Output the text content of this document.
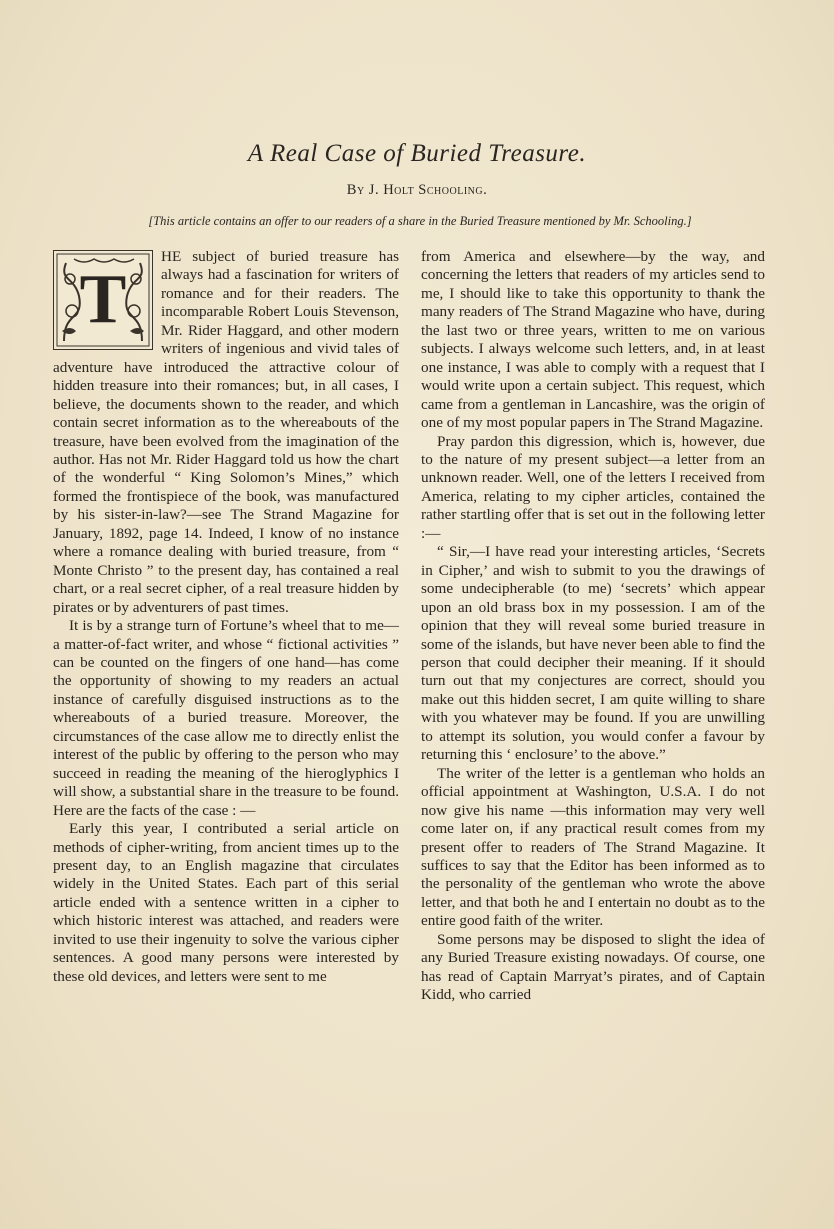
A Real Case of Buried Treasure.
By J. Holt Schooling.
[This article contains an offer to our readers of a share in the Buried Treasure mentioned by Mr. Schooling.]
T

HE subject of buried treasure has always had a fascination for writers of romance and for their readers. The incomparable Robert Louis Stevenson, Mr. Rider Haggard, and other modern writers of ingenious and vivid tales of adventure have introduced the attractive colour of hidden treasure into their romances; but, in all cases, I believe, the documents shown to the reader, and which contain secret information as to the whereabouts of the treasure, have been evolved from the imagination of the author. Has not Mr. Rider Haggard told us how the chart of the wonderful “ King Solomon’s Mines,” which formed the frontispiece of the book, was manufactured by his sister-in-law?—see The Strand Magazine for January, 1892, page 14. Indeed, I know of no instance where a romance dealing with buried treasure, from “ Monte Christo ” to the present day, has contained a real chart, or a real secret cipher, of a real treasure hidden by pirates or by adventurers of past times.

It is by a strange turn of Fortune’s wheel that to me—a matter-of-fact writer, and whose “ fictional activities ” can be counted on the fingers of one hand—has come the opportunity of showing to my readers an actual instance of carefully disguised instructions as to the whereabouts of a buried treasure. Moreover, the circumstances of the case allow me to directly enlist the interest of the public by offering to the person who may succeed in reading the meaning of the hieroglyphics I will show, a substantial share in the treasure to be found. Here are the facts of the case : —

Early this year, I contributed a serial article on methods of cipher-writing, from ancient times up to the present day, to an English magazine that circulates widely in the United States. Each part of this serial article ended with a sentence written in a cipher to which historic interest was attached, and readers were invited to use their ingenuity to solve the various cipher sentences. A good many persons were interested by these old devices, and letters were sent to me

from America and elsewhere—by the way, and concerning the letters that readers of my articles send to me, I should like to take this opportunity to thank the many readers of The Strand Magazine who have, during the last two or three years, written to me on various subjects. I always welcome such letters, and, in at least one instance, I was able to comply with a request that I would write upon a certain subject. This request, which came from a gentleman in Lancashire, was the origin of one of my most popular papers in The Strand Magazine.

Pray pardon this digression, which is, however, due to the nature of my present subject—a letter from an unknown reader. Well, one of the letters I received from America, relating to my cipher articles, contained the rather startling offer that is set out in the following letter :—

“ Sir,—I have read your interesting articles, ‘Secrets in Cipher,’ and wish to submit to you the drawings of some undecipherable (to me) ‘secrets’ which appear upon an old brass box in my possession. I am of the opinion that they will reveal some buried treasure in some of the islands, but have never been able to find the person that could decipher their meaning. If it should turn out that my conjectures are correct, should you make out this hidden secret, I am quite willing to share with you whatever may be found. If you are unwilling to attempt its solution, you would confer a favour by returning this ‘ enclosure’ to the above.”

The writer of the letter is a gentleman who holds an official appointment at Washington, U.S.A. I do not now give his name —this information may very well come later on, if any practical result comes from my present offer to readers of The Strand Magazine. It suffices to say that the Editor has been informed as to the personality of the gentleman who wrote the above letter, and that both he and I entertain no doubt as to the entire good faith of the writer.

Some persons may be disposed to slight the idea of any Buried Treasure existing nowadays. Of course, one has read of Captain Marryat’s pirates, and of Captain Kidd, who carried
